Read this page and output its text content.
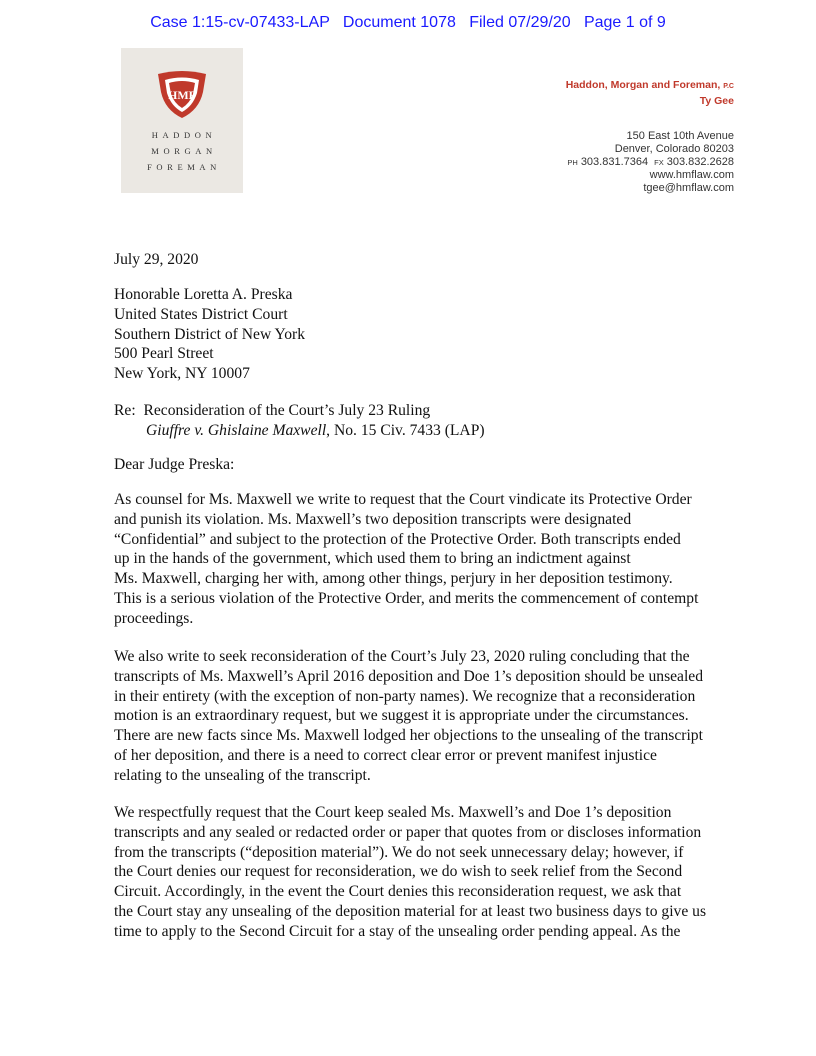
Case 1:15-cv-07433-LAP   Document 1078   Filed 07/29/20   Page 1 of 9
HMF
HADDON
MORGAN
FOREMAN
Haddon, Morgan and Foreman, P.C
Ty Gee
150 East 10th Avenue
Denver, Colorado 80203
PH 303.831.7364 FX 303.832.2628
www.hmflaw.com
tgee@hmflaw.com
July 29, 2020
Honorable Loretta A. Preska
United States District Court
Southern District of New York
500 Pearl Street
New York, NY 10007
Re: Reconsideration of the Court’s July 23 Ruling
Giuffre v. Ghislaine Maxwell, No. 15 Civ. 7433 (LAP)
Dear Judge Preska:
As counsel for Ms. Maxwell we write to request that the Court vindicate its Protective Order
and punish its violation. Ms. Maxwell’s two deposition transcripts were designated
“Confidential” and subject to the protection of the Protective Order. Both transcripts ended
up in the hands of the government, which used them to bring an indictment against
Ms. Maxwell, charging her with, among other things, perjury in her deposition testimony.
This is a serious violation of the Protective Order, and merits the commencement of contempt
proceedings.
We also write to seek reconsideration of the Court’s July 23, 2020 ruling concluding that the
transcripts of Ms. Maxwell’s April 2016 deposition and Doe 1’s deposition should be unsealed
in their entirety (with the exception of non-party names). We recognize that a reconsideration
motion is an extraordinary request, but we suggest it is appropriate under the circumstances.
There are new facts since Ms. Maxwell lodged her objections to the unsealing of the transcript
of her deposition, and there is a need to correct clear error or prevent manifest injustice
relating to the unsealing of the transcript.
We respectfully request that the Court keep sealed Ms. Maxwell’s and Doe 1’s deposition
transcripts and any sealed or redacted order or paper that quotes from or discloses information
from the transcripts (“deposition material”). We do not seek unnecessary delay; however, if
the Court denies our request for reconsideration, we do wish to seek relief from the Second
Circuit. Accordingly, in the event the Court denies this reconsideration request, we ask that
the Court stay any unsealing of the deposition material for at least two business days to give us
time to apply to the Second Circuit for a stay of the unsealing order pending appeal. As the
